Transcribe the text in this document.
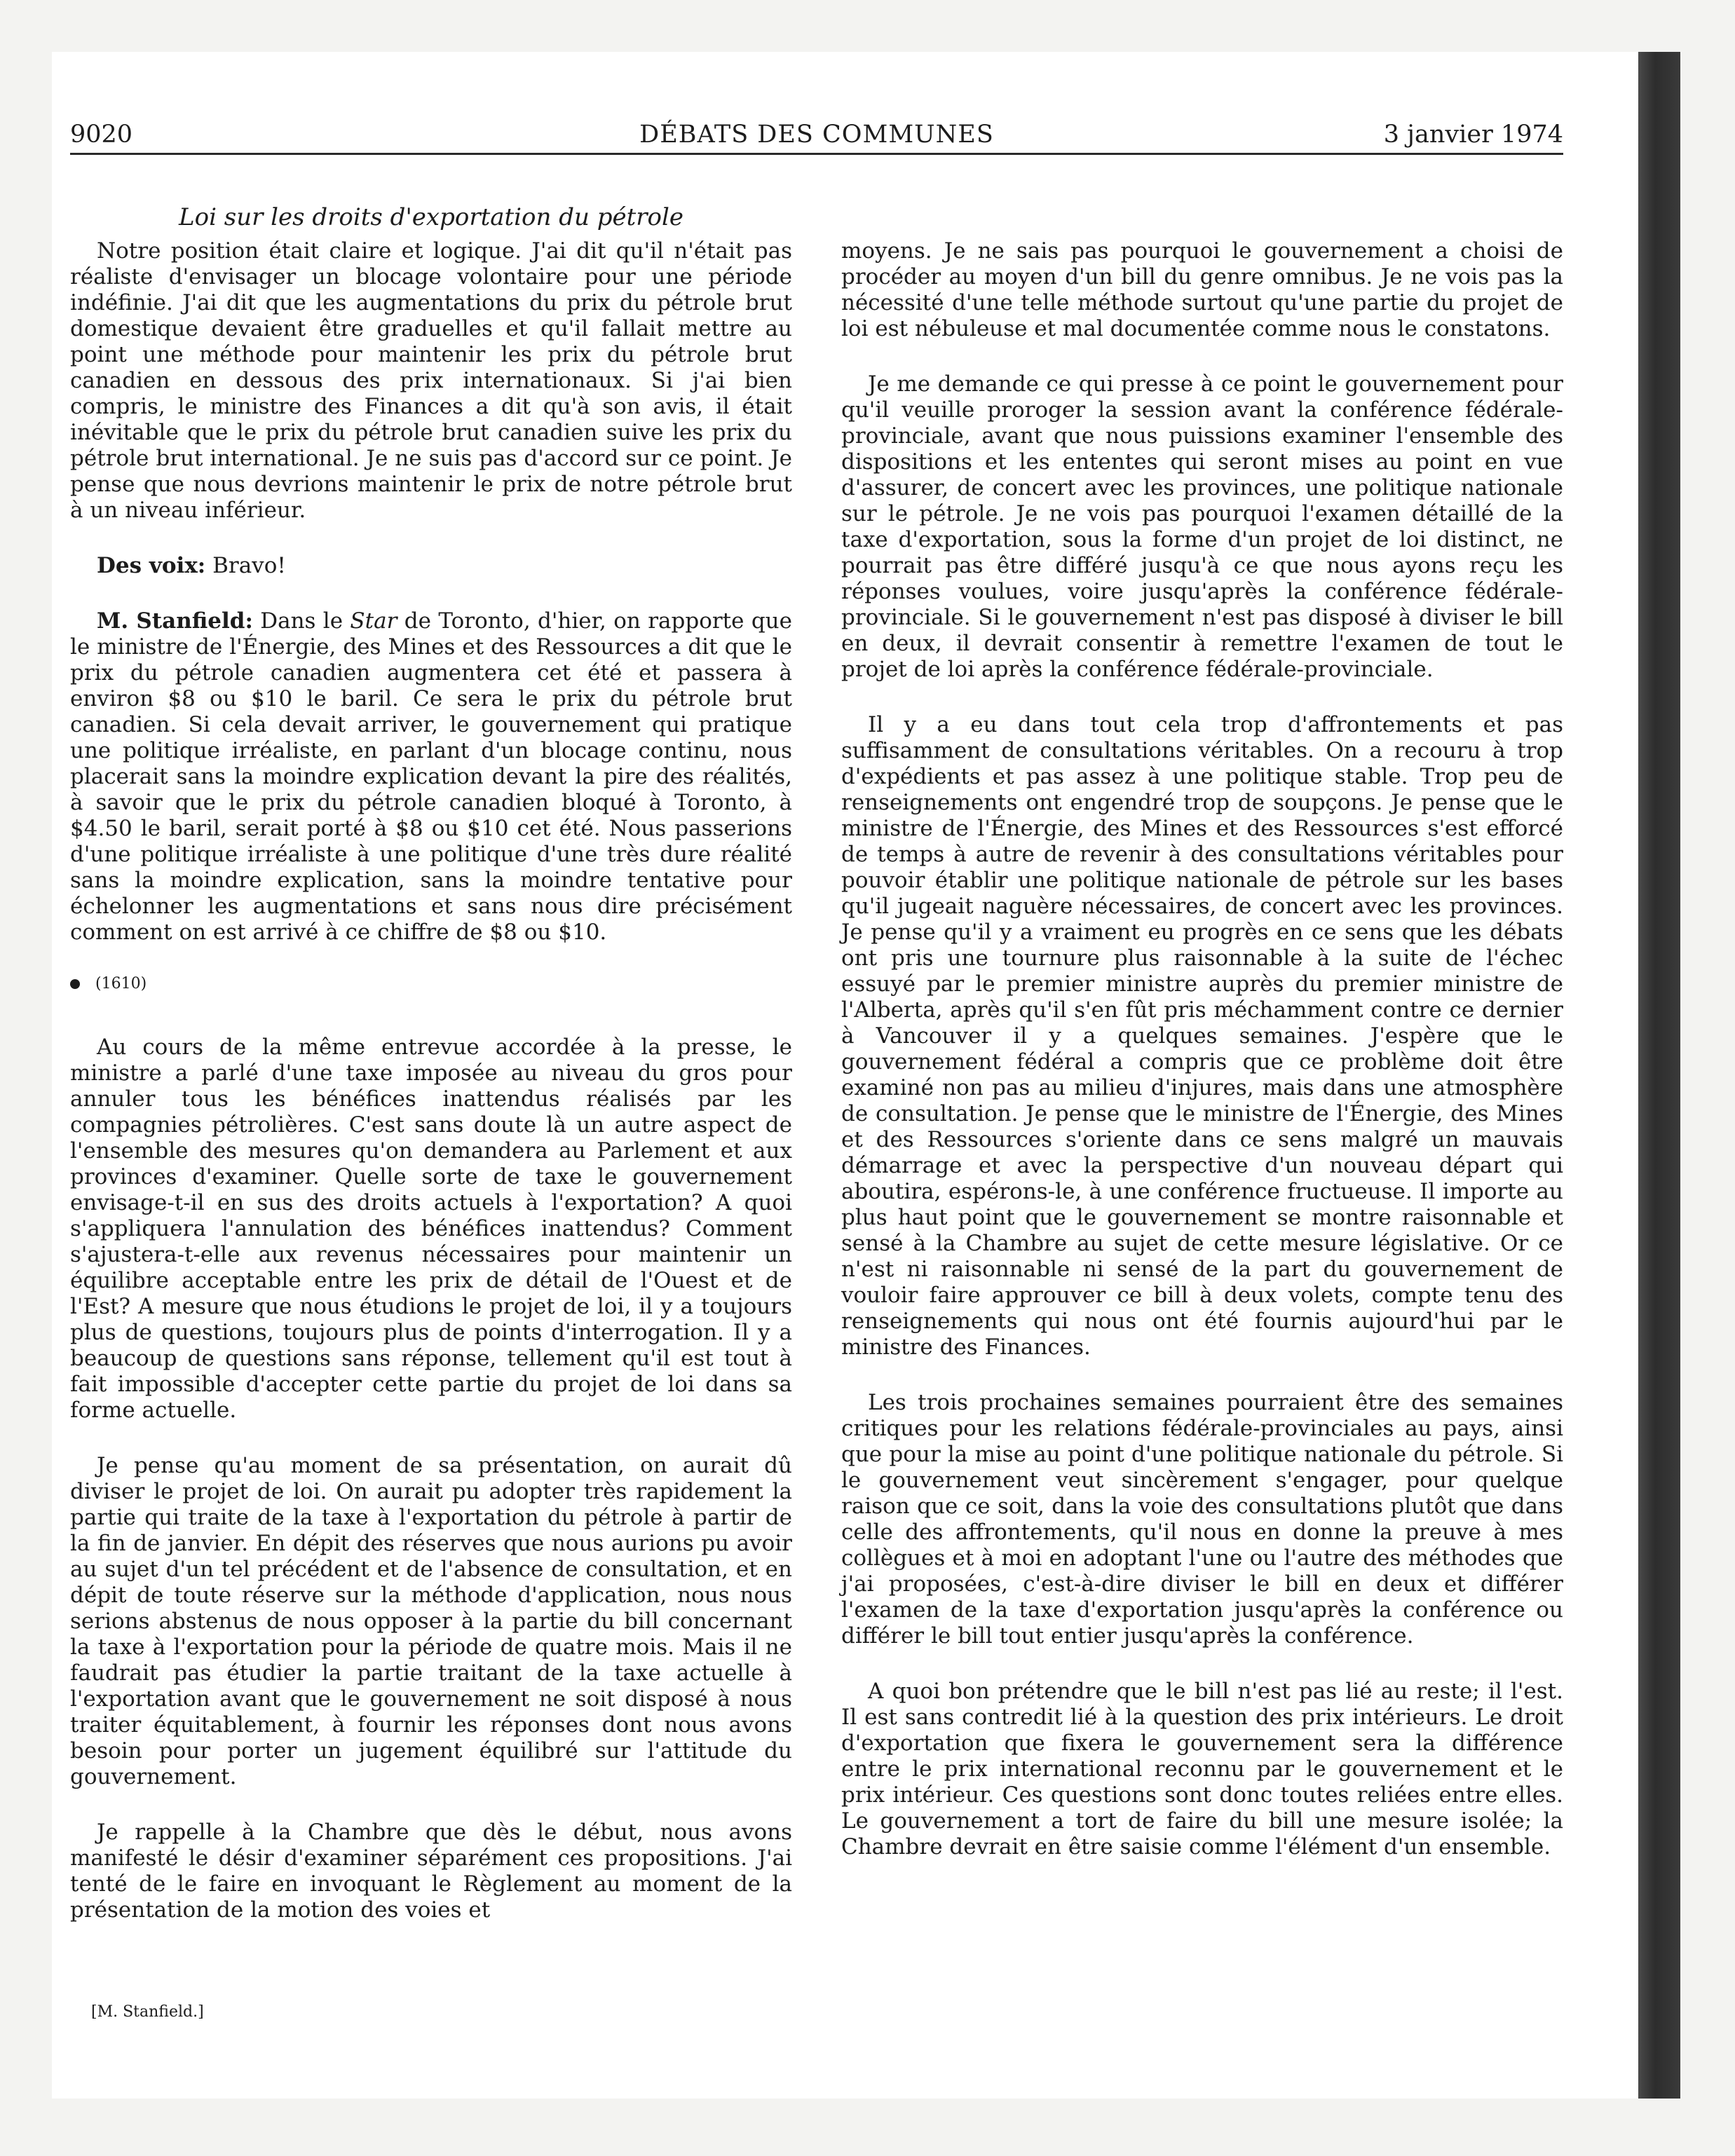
9020	DÉBATS DES COMMUNES	3 janvier 1974
Loi sur les droits d'exportation du pétrole

Notre position était claire et logique. J'ai dit qu'il n'était pas réaliste d'envisager un blocage volontaire pour une période indéfinie. J'ai dit que les augmentations du prix du pétrole brut domestique devaient être graduelles et qu'il fallait mettre au point une méthode pour maintenir les prix du pétrole brut canadien en dessous des prix internationaux. Si j'ai bien compris, le ministre des Finances a dit qu'à son avis, il était inévitable que le prix du pétrole brut canadien suive les prix du pétrole brut international. Je ne suis pas d'accord sur ce point. Je pense que nous devrions maintenir le prix de notre pétrole brut à un niveau inférieur.

Des voix: Bravo!

M. Stanfield: Dans le Star de Toronto, d'hier, on rapporte que le ministre de l'Énergie, des Mines et des Ressources a dit que le prix du pétrole canadien augmentera cet été et passera à environ $8 ou $10 le baril. Ce sera le prix du pétrole brut canadien. Si cela devait arriver, le gouvernement qui pratique une politique irréaliste, en parlant d'un blocage continu, nous placerait sans la moindre explication devant la pire des réalités, à savoir que le prix du pétrole canadien bloqué à Toronto, à $4.50 le baril, serait porté à $8 ou $10 cet été. Nous passerions d'une politique irréaliste à une politique d'une très dure réalité sans la moindre explication, sans la moindre tentative pour échelonner les augmentations et sans nous dire précisément comment on est arrivé à ce chiffre de $8 ou $10.

(1610)

Au cours de la même entrevue accordée à la presse, le ministre a parlé d'une taxe imposée au niveau du gros pour annuler tous les bénéfices inattendus réalisés par les compagnies pétrolières. C'est sans doute là un autre aspect de l'ensemble des mesures qu'on demandera au Parlement et aux provinces d'examiner. Quelle sorte de taxe le gouvernement envisage-t-il en sus des droits actuels à l'exportation? A quoi s'appliquera l'annulation des bénéfices inattendus? Comment s'ajustera-t-elle aux revenus nécessaires pour maintenir un équilibre acceptable entre les prix de détail de l'Ouest et de l'Est? A mesure que nous étudions le projet de loi, il y a toujours plus de questions, toujours plus de points d'interrogation. Il y a beaucoup de questions sans réponse, tellement qu'il est tout à fait impossible d'accepter cette partie du projet de loi dans sa forme actuelle.

Je pense qu'au moment de sa présentation, on aurait dû diviser le projet de loi. On aurait pu adopter très rapidement la partie qui traite de la taxe à l'exportation du pétrole à partir de la fin de janvier. En dépit des réserves que nous aurions pu avoir au sujet d'un tel précédent et de l'absence de consultation, et en dépit de toute réserve sur la méthode d'application, nous nous serions abstenus de nous opposer à la partie du bill concernant la taxe à l'exportation pour la période de quatre mois. Mais il ne faudrait pas étudier la partie traitant de la taxe actuelle à l'exportation avant que le gouvernement ne soit disposé à nous traiter équitablement, à fournir les réponses dont nous avons besoin pour porter un jugement équilibré sur l'attitude du gouvernement.

Je rappelle à la Chambre que dès le début, nous avons manifesté le désir d'examiner séparément ces propositions. J'ai tenté de le faire en invoquant le Règlement au moment de la présentation de la motion des voies et

moyens. Je ne sais pas pourquoi le gouvernement a choisi de procéder au moyen d'un bill du genre omnibus. Je ne vois pas la nécessité d'une telle méthode surtout qu'une partie du projet de loi est nébuleuse et mal documentée comme nous le constatons.

Je me demande ce qui presse à ce point le gouvernement pour qu'il veuille proroger la session avant la conférence fédérale-provinciale, avant que nous puissions examiner l'ensemble des dispositions et les ententes qui seront mises au point en vue d'assurer, de concert avec les provinces, une politique nationale sur le pétrole. Je ne vois pas pourquoi l'examen détaillé de la taxe d'exportation, sous la forme d'un projet de loi distinct, ne pourrait pas être différé jusqu'à ce que nous ayons reçu les réponses voulues, voire jusqu'après la conférence fédérale-provinciale. Si le gouvernement n'est pas disposé à diviser le bill en deux, il devrait consentir à remettre l'examen de tout le projet de loi après la conférence fédérale-provinciale.

Il y a eu dans tout cela trop d'affrontements et pas suffisamment de consultations véritables. On a recouru à trop d'expédients et pas assez à une politique stable. Trop peu de renseignements ont engendré trop de soupçons. Je pense que le ministre de l'Énergie, des Mines et des Ressources s'est efforcé de temps à autre de revenir à des consultations véritables pour pouvoir établir une politique nationale de pétrole sur les bases qu'il jugeait naguère nécessaires, de concert avec les provinces. Je pense qu'il y a vraiment eu progrès en ce sens que les débats ont pris une tournure plus raisonnable à la suite de l'échec essuyé par le premier ministre auprès du premier ministre de l'Alberta, après qu'il s'en fût pris méchamment contre ce dernier à Vancouver il y a quelques semaines. J'espère que le gouvernement fédéral a compris que ce problème doit être examiné non pas au milieu d'injures, mais dans une atmosphère de consultation. Je pense que le ministre de l'Énergie, des Mines et des Ressources s'oriente dans ce sens malgré un mauvais démarrage et avec la perspective d'un nouveau départ qui aboutira, espérons-le, à une conférence fructueuse. Il importe au plus haut point que le gouvernement se montre raisonnable et sensé à la Chambre au sujet de cette mesure législative. Or ce n'est ni raisonnable ni sensé de la part du gouvernement de vouloir faire approuver ce bill à deux volets, compte tenu des renseignements qui nous ont été fournis aujourd'hui par le ministre des Finances.

Les trois prochaines semaines pourraient être des semaines critiques pour les relations fédérale-provinciales au pays, ainsi que pour la mise au point d'une politique nationale du pétrole. Si le gouvernement veut sincèrement s'engager, pour quelque raison que ce soit, dans la voie des consultations plutôt que dans celle des affrontements, qu'il nous en donne la preuve à mes collègues et à moi en adoptant l'une ou l'autre des méthodes que j'ai proposées, c'est-à-dire diviser le bill en deux et différer l'examen de la taxe d'exportation jusqu'après la conférence ou différer le bill tout entier jusqu'après la conférence.

A quoi bon prétendre que le bill n'est pas lié au reste; il l'est. Il est sans contredit lié à la question des prix intérieurs. Le droit d'exportation que fixera le gouvernement sera la différence entre le prix international reconnu par le gouvernement et le prix intérieur. Ces questions sont donc toutes reliées entre elles. Le gouvernement a tort de faire du bill une mesure isolée; la Chambre devrait en être saisie comme l'élément d'un ensemble.

[M. Stanfield.]
